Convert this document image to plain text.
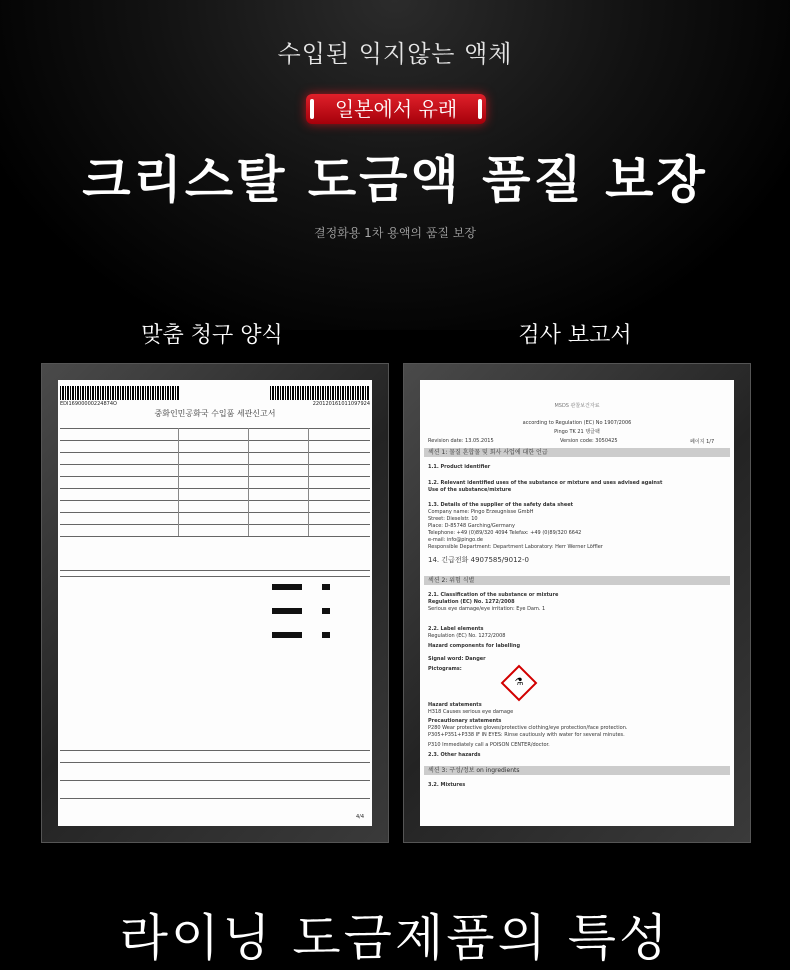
수입된 익지않는 액체
일본에서 유래
크리스탈 도금액 품질 보장
결정화용 1차 용액의 품질 보장
맞춤 청구 양식	검사 보고서
EDI16900000224874O	220120161011097924
중화인민공화국 수입품 세관신고서
4/4
MSDS 관찰보건자료
according to Regulation (EC) No 1907/2006
Pingo TK 21 탱글팩
Revision date: 13.05.2015	Version code: 3050425	페이지 1/7
섹션 1: 물질 혼합물 및 회사 사업에 대한 언급
1.1. Product identifier
1.2. Relevant identified uses of the substance or mixture and uses advised against
Use of the substance/mixture
1.3. Details of the supplier of the safety data sheet
Company name: Pingo Erzeugnisse GmbH
Street: Dieselstr. 10
Place: D-85748 Garching/Germany
Telephone: +49 (0)89/320 4094 Telefax: +49 (0)89/320 6642
e-mail: info@pingo.de
Responsible Department: Department Laboratory: Herr Werner Löffler
14. 긴급전화 4907585/9012-0
섹션 2: 위험 식별
2.1. Classification of the substance or mixture
Regulation (EC) No. 1272/2008
Serious eye damage/eye irritation: Eye Dam. 1
2.2. Label elements
Regulation (EC) No. 1272/2008
Hazard components for labelling
Signal word: Danger
Pictograms:
⚗
Hazard statements
H318 Causes serious eye damage
Precautionary statements
P280 Wear protective gloves/protective clothing/eye protection/face protection.
P305+P351+P338 IF IN EYES: Rinse cautiously with water for several minutes.
P310 Immediately call a POISON CENTER/doctor.
2.3. Other hazards
섹션 3: 구성/정보 on ingredients
3.2. Mixtures
라이닝 도금제품의 특성
